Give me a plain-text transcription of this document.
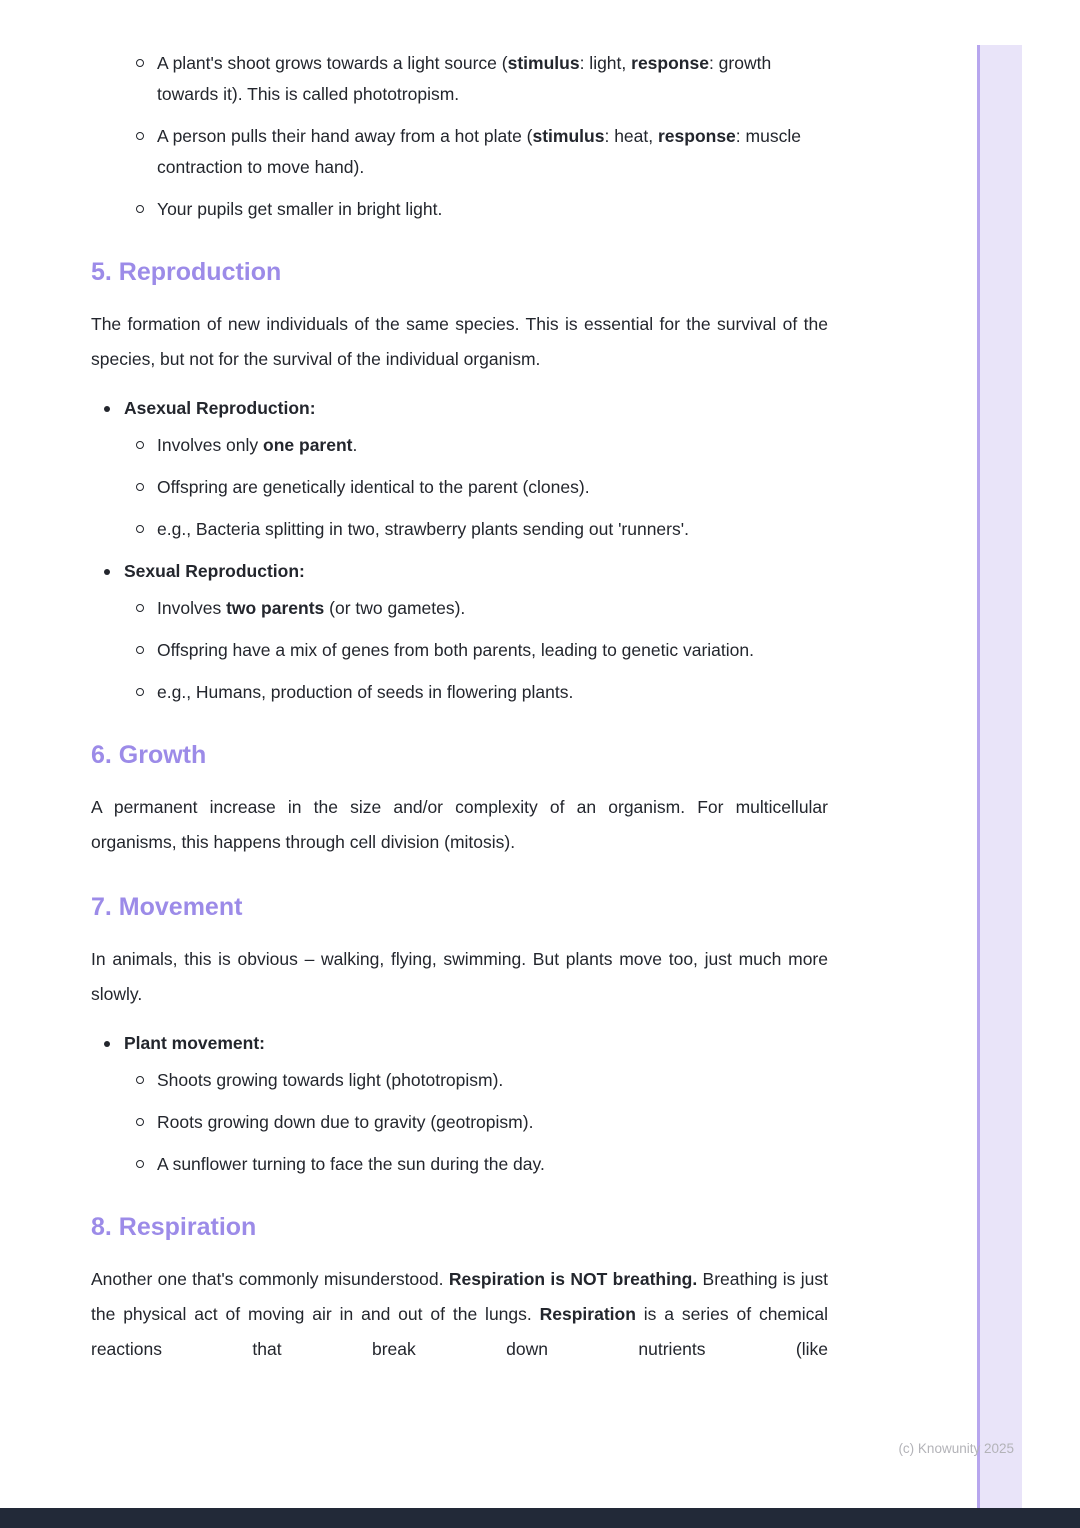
A plant's shoot grows towards a light source (stimulus: light, response: growth towards it). This is called phototropism.
A person pulls their hand away from a hot plate (stimulus: heat, response: muscle contraction to move hand).
Your pupils get smaller in bright light.
5. Reproduction

The formation of new individuals of the same species. This is essential for the survival of the species, but not for the survival of the individual organism.

Asexual Reproduction:
Involves only one parent.
Offspring are genetically identical to the parent (clones).
e.g., Bacteria splitting in two, strawberry plants sending out 'runners'.
Sexual Reproduction:
Involves two parents (or two gametes).
Offspring have a mix of genes from both parents, leading to genetic variation.
e.g., Humans, production of seeds in flowering plants.
6. Growth

A permanent increase in the size and/or complexity of an organism. For multicellular organisms, this happens through cell division (mitosis).

7. Movement

In animals, this is obvious – walking, flying, swimming. But plants move too, just much more slowly.

Plant movement:
Shoots growing towards light (phototropism).
Roots growing down due to gravity (geotropism).
A sunflower turning to face the sun during the day.
8. Respiration

Another one that's commonly misunderstood. Respiration is NOT breathing. Breathing is just the physical act of moving air in and out of the lungs. Respiration is a series of chemical reactions that break down nutrients (like

(c) Knowunity 2025
